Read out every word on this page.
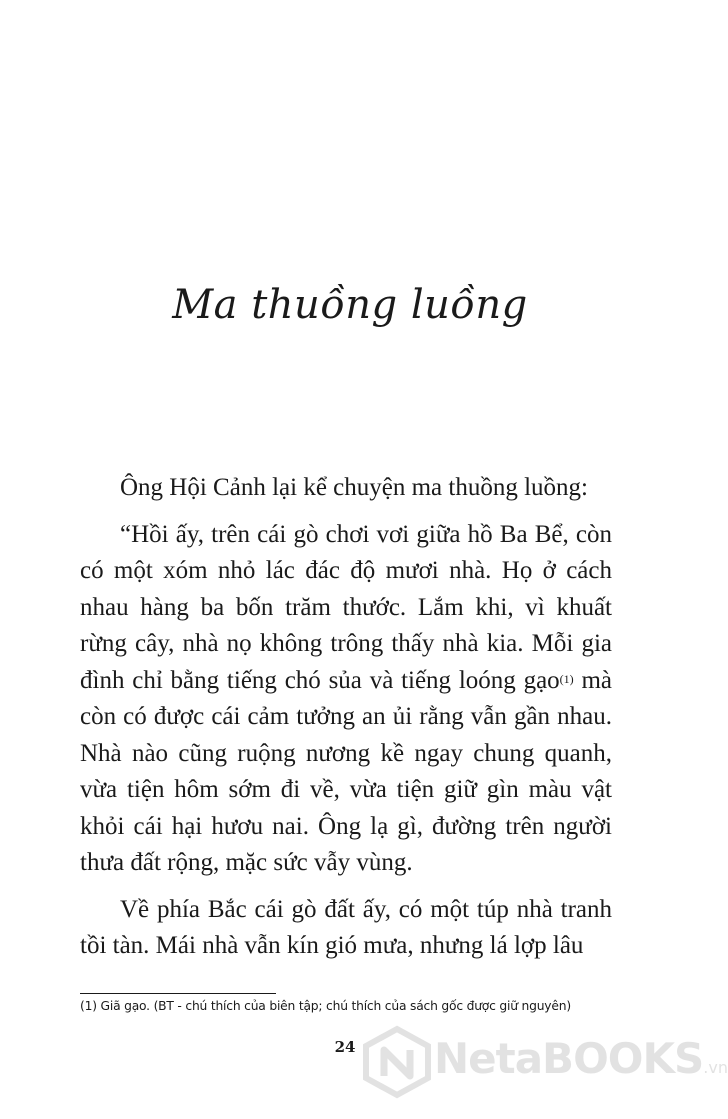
Ma thuồng luồng

Ông Hội Cảnh lại kể chuyện ma thuồng luồng:

“Hồi ấy, trên cái gò chơi vơi giữa hồ Ba Bể, còn có một xóm nhỏ lác đác độ mươi nhà. Họ ở cách nhau hàng ba bốn trăm thước. Lắm khi, vì khuất rừng cây, nhà nọ không trông thấy nhà kia. Mỗi gia đình chỉ bằng tiếng chó sủa và tiếng loóng gạo$^{(1)}$ mà còn có được cái cảm tưởng an ủi rằng vẫn gần nhau. Nhà nào cũng ruộng nương kề ngay chung quanh, vừa tiện hôm sớm đi về, vừa tiện giữ gìn màu vật khỏi cái hại hươu nai. Ông lạ gì, đường trên người thưa đất rộng, mặc sức vẫy vùng.

Về phía Bắc cái gò đất ấy, có một túp nhà tranh tồi tàn. Mái nhà vẫn kín gió mưa, nhưng lá lợp lâu

(1) Giã gạo. (BT - chú thích của biên tập; chú thích của sách gốc được giữ nguyên)
24	NetaBOOKS.vn
